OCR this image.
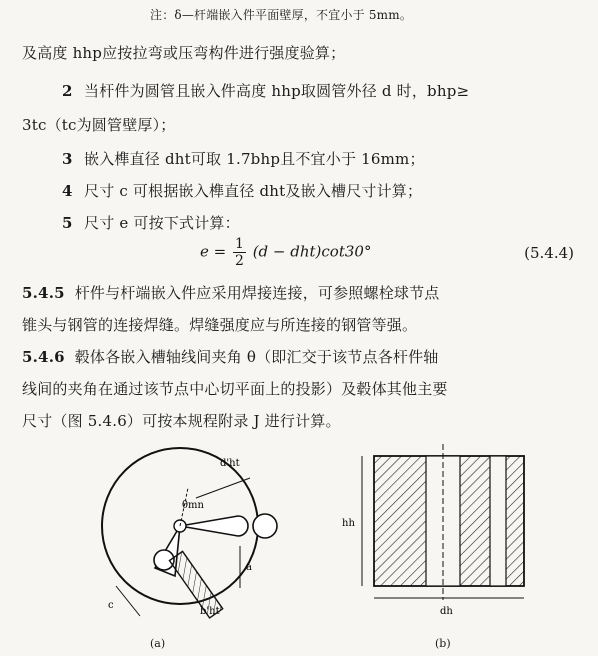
注：δ—杆端嵌入件平面壁厚，不宜小于 5mm。
及高度 hhp应按拉弯或压弯构件进行强度验算；
2 当杆件为圆管且嵌入件高度 hhp取圆管外径 d 时，bhp≥
3tc（tc为圆管壁厚）；
3 嵌入榫直径 dht可取 1.7bhp且不宜小于 16mm；
4 尺寸 c 可根据嵌入榫直径 dht及嵌入槽尺寸计算；
5 尺寸 e 可按下式计算：
$e = \frac{1}{2} (d - dht)\cot 30^\circ$	(5.4.4)
5.4.5 杆件与杆端嵌入件应采用焊接连接，可参照螺栓球节点
锥头与钢管的连接焊缝。焊缝强度应与所连接的钢管等强。
5.4.6 毂体各嵌入槽轴线间夹角 θ（即汇交于该节点各杆件轴
线间的夹角在通过该节点中心切平面上的投影）及毂体其他主要
尺寸（图 5.4.6）可按本规程附录 J 进行计算。
d'ht
θmn
a
c
b'ht
hh
dh
(a)	(b)
